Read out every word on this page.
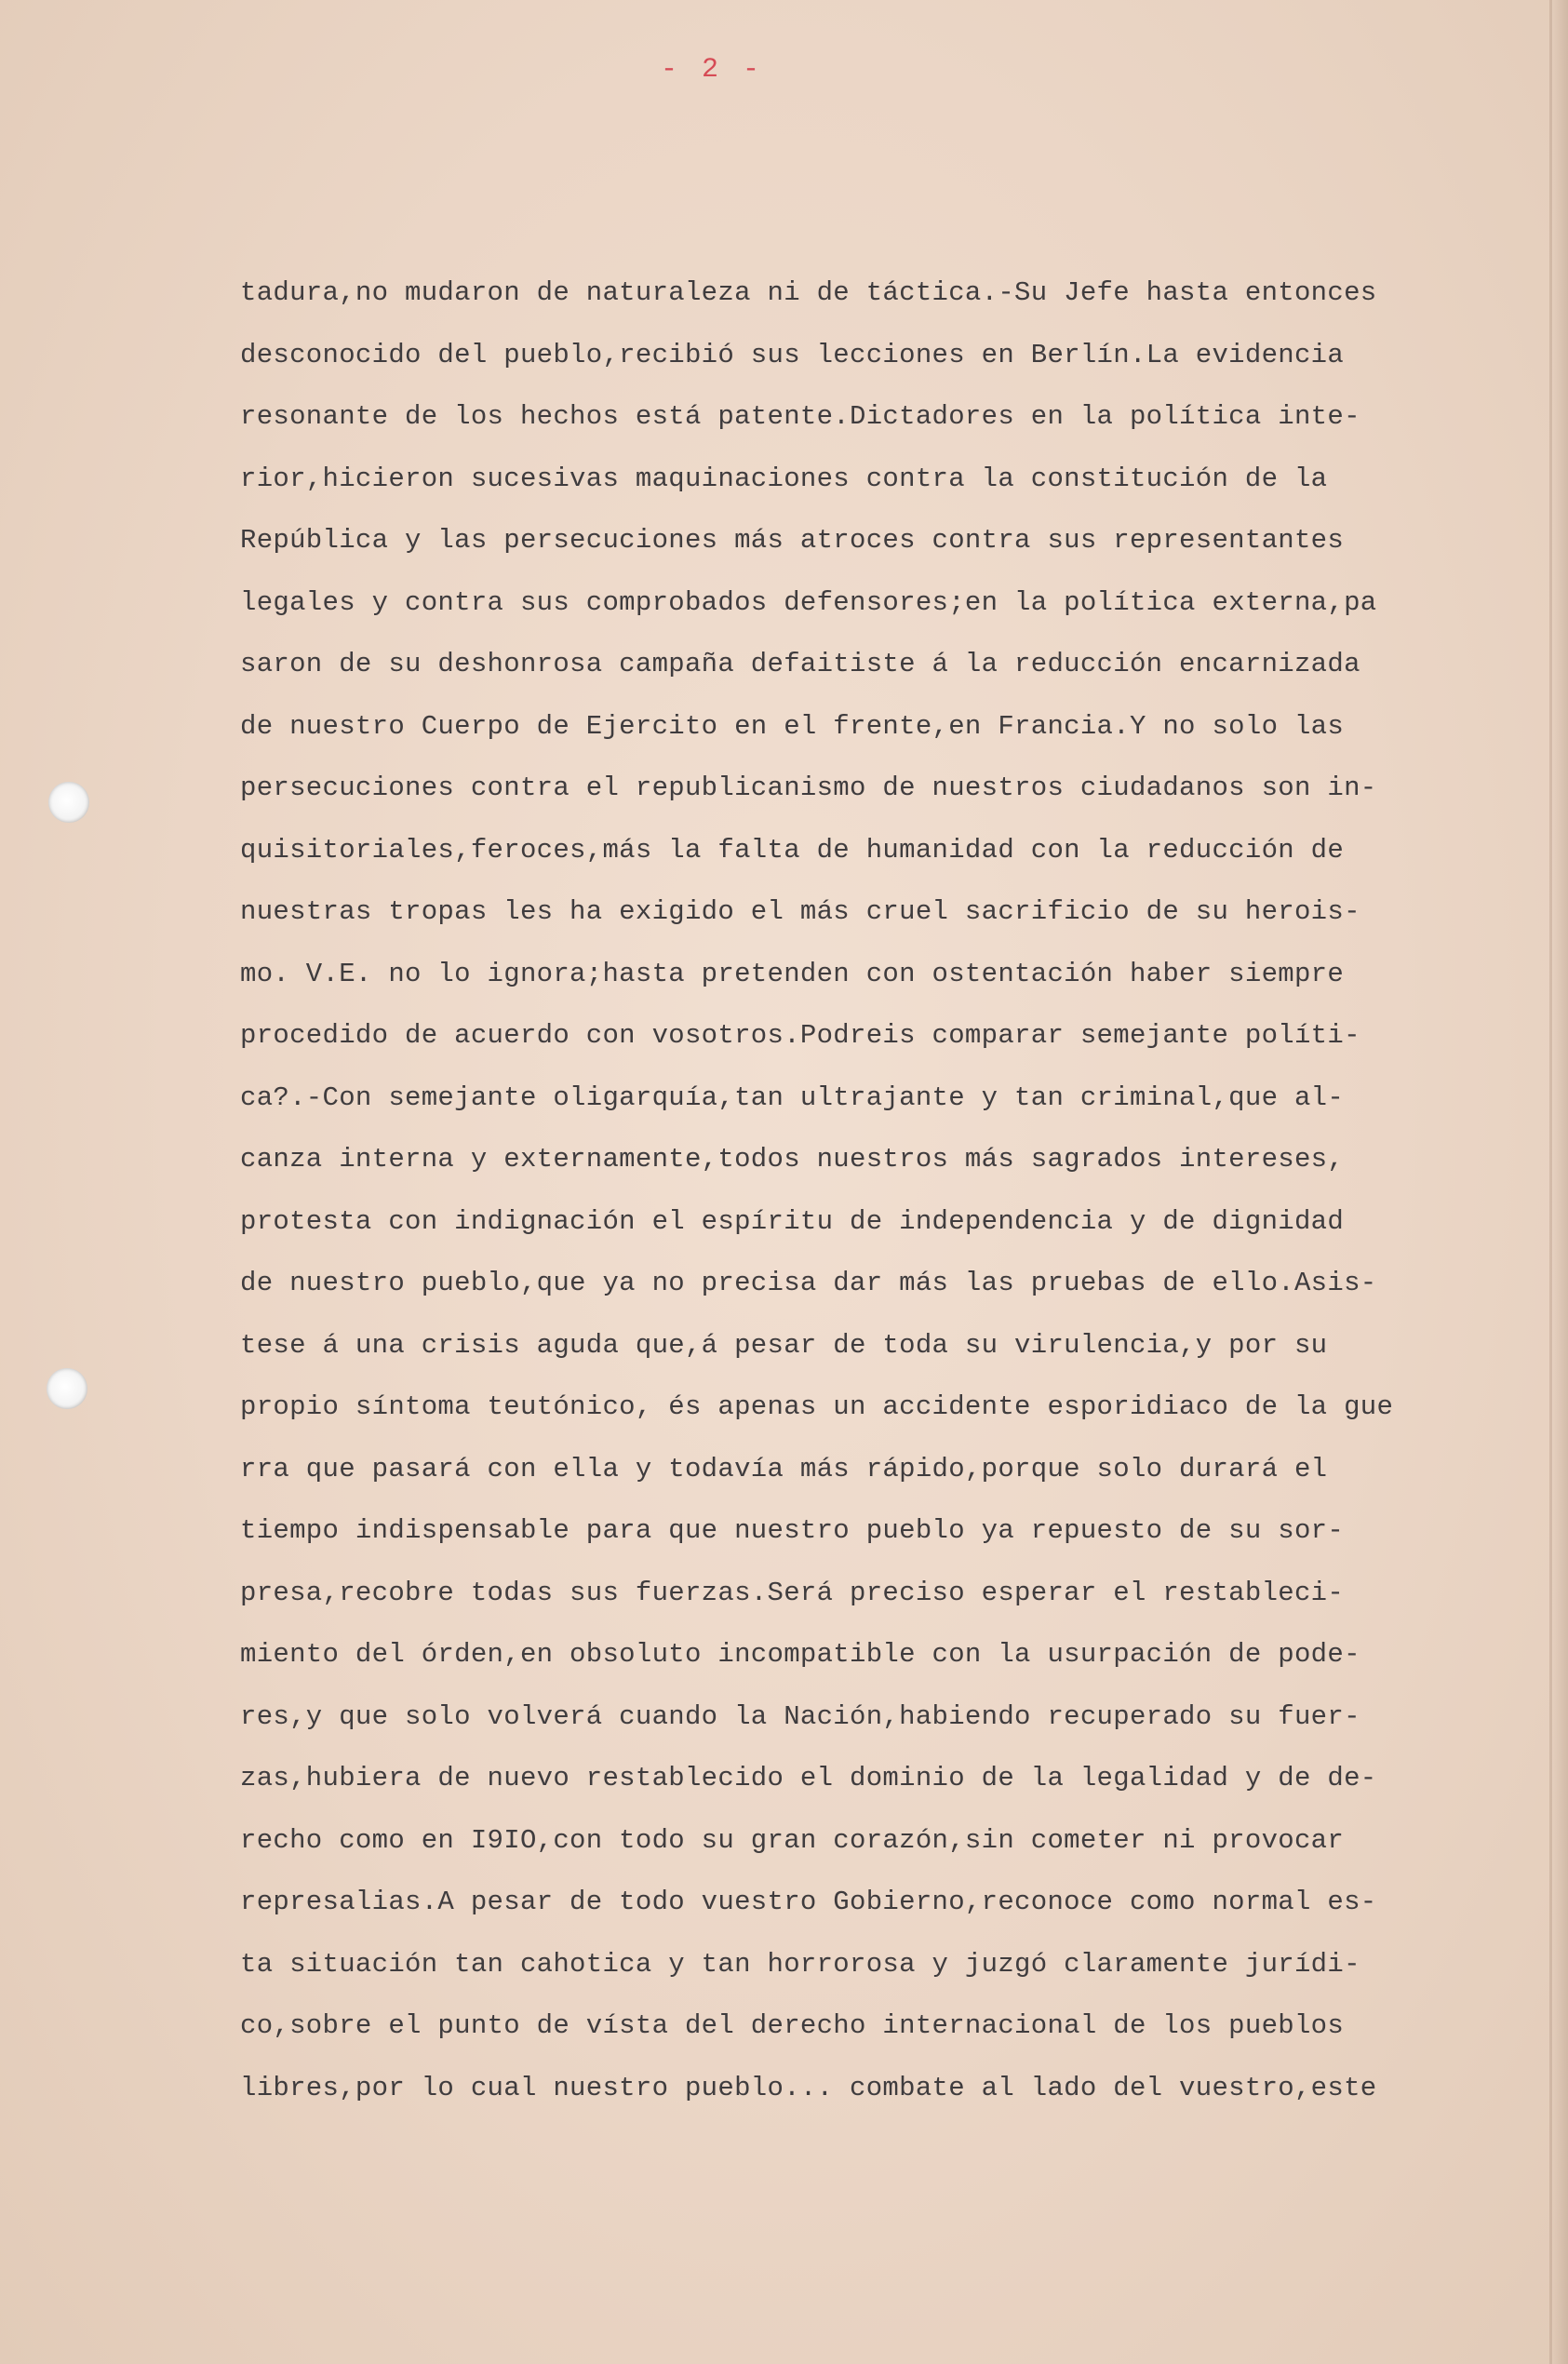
- 2 -
tadura,no mudaron de naturaleza ni de táctica.-Su Jefe hasta entonces
desconocido del pueblo,recibió sus lecciones en Berlín.La evidencia
resonante de los hechos está patente.Dictadores en la política inte-
rior,hicieron sucesivas maquinaciones contra la constitución de la
República y las persecuciones más atroces contra sus representantes
legales y contra sus comprobados defensores;en la política externa,pa
saron de su deshonrosa campaña defaitiste á la reducción encarnizada
de nuestro Cuerpo de Ejercito en el frente,en Francia.Y no solo las
persecuciones contra el republicanismo de nuestros ciudadanos son in-
quisitoriales,feroces,más la falta de humanidad con la reducción de
nuestras tropas les ha exigido el más cruel sacrificio de su herois-
mo. V.E. no lo ignora;hasta pretenden con ostentación haber siempre
procedido de acuerdo con vosotros.Podreis comparar semejante políti-
ca?.-Con semejante oligarquía,tan ultrajante y tan criminal,que al-
canza interna y externamente,todos nuestros más sagrados intereses,
protesta con indignación el espíritu de independencia y de dignidad
de nuestro pueblo,que ya no precisa dar más las pruebas de ello.Asis-
tese á una crisis aguda que,á pesar de toda su virulencia,y por su
propio síntoma teutónico, és apenas un accidente esporidiaco de la gue
rra que pasará con ella y todavía más rápido,porque solo durará el
tiempo indispensable para que nuestro pueblo ya repuesto de su sor-
presa,recobre todas sus fuerzas.Será preciso esperar el restableci-
miento del órden,en obsoluto incompatible con la usurpación de pode-
res,y que solo volverá cuando la Nación,habiendo recuperado su fuer-
zas,hubiera de nuevo restablecido el dominio de la legalidad y de de-
recho como en I9IO,con todo su gran corazón,sin cometer ni provocar
represalias.A pesar de todo vuestro Gobierno,reconoce como normal es-
ta situación tan cahotica y tan horrorosa y juzgó claramente jurídi-
co,sobre el punto de vísta del derecho internacional de los pueblos
libres,por lo cual nuestro pueblo... combate al lado del vuestro,este
